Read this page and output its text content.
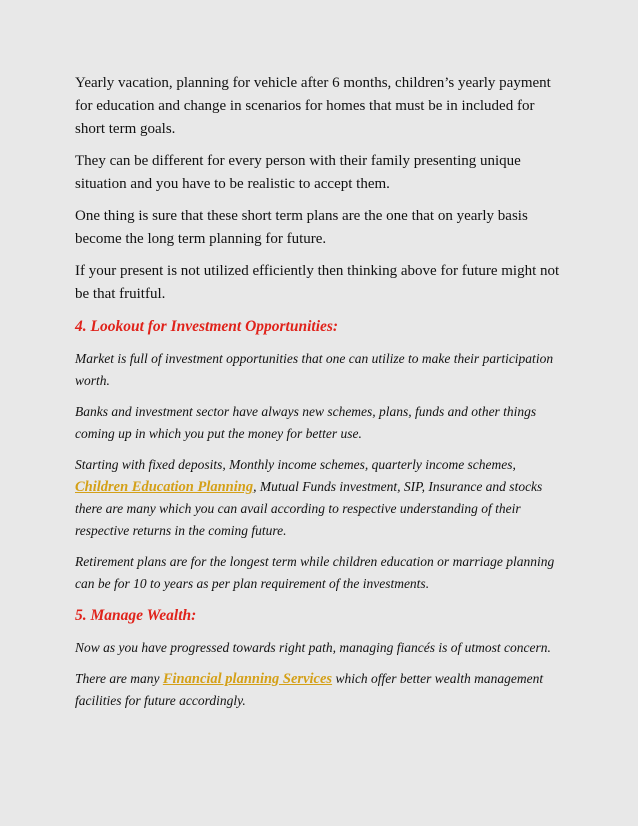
Yearly vacation, planning for vehicle after 6 months, children’s yearly payment for education and change in scenarios for homes that must be in included for short term goals.

They can be different for every person with their family presenting unique situation and you have to be realistic to accept them.

One thing is sure that these short term plans are the one that on yearly basis become the long term planning for future.

If your present is not utilized efficiently then thinking above for future might not be that fruitful.

4. Lookout for Investment Opportunities:

Market is full of investment opportunities that one can utilize to make their participation worth.

Banks and investment sector have always new schemes, plans, funds and other things coming up in which you put the money for better use.

Starting with fixed deposits, Monthly income schemes, quarterly income schemes, Children Education Planning, Mutual Funds investment, SIP, Insurance and stocks there are many which you can avail according to respective understanding of their respective returns in the coming future.

Retirement plans are for the longest term while children education or marriage planning can be for 10 to years as per plan requirement of the investments.

5. Manage Wealth:

Now as you have progressed towards right path, managing fiancés is of utmost concern.

There are many Financial planning Services which offer better wealth management facilities for future accordingly.
